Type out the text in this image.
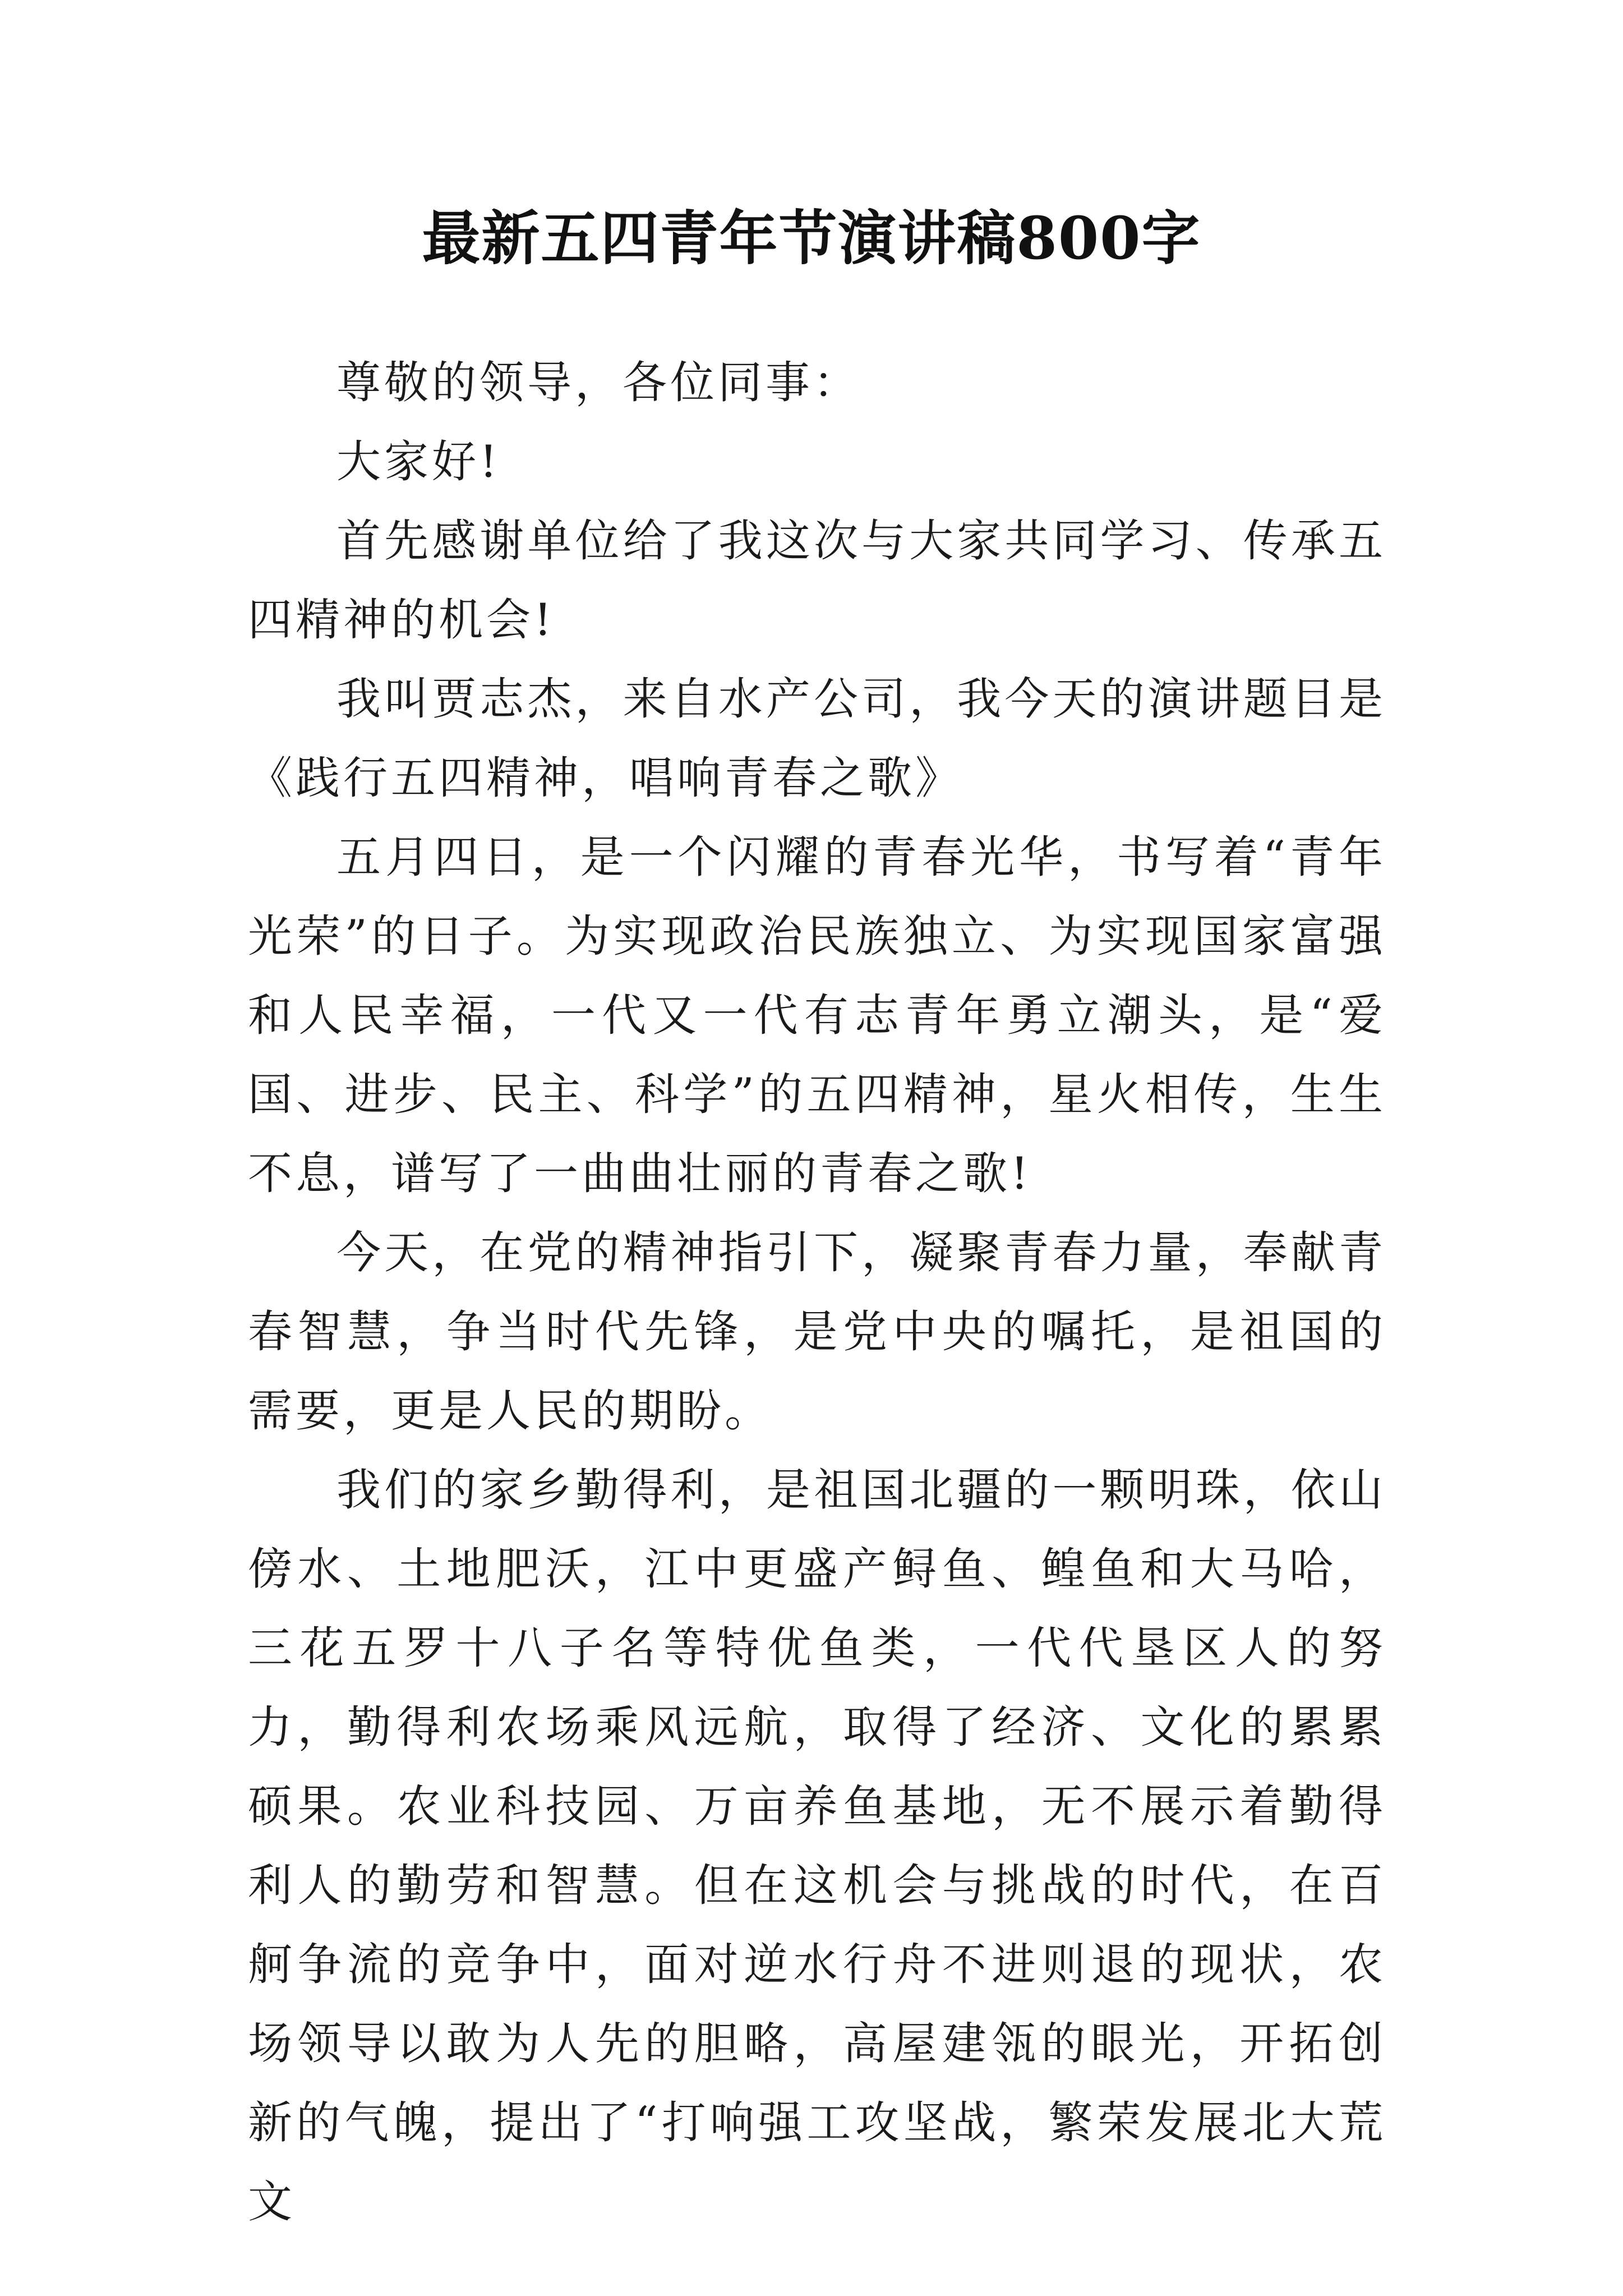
最新五四青年节演讲稿800字

尊敬的领导，各位同事：

大家好!

首先感谢单位给了我这次与大家共同学习、传承五四精神的机会!

我叫贾志杰，来自水产公司，我今天的演讲题目是《践行五四精神，唱响青春之歌》

五月四日，是一个闪耀的青春光华，书写着“青年光荣”的日子。为实现政治民族独立、为实现国家富强和人民幸福，一代又一代有志青年勇立潮头，是“爱国、进步、民主、科学”的五四精神，星火相传，生生不息，谱写了一曲曲壮丽的青春之歌!

今天，在党的精神指引下，凝聚青春力量，奉献青春智慧，争当时代先锋，是党中央的嘱托，是祖国的需要，更是人民的期盼。

我们的家乡勤得利，是祖国北疆的一颗明珠，依山傍水、土地肥沃，江中更盛产鲟鱼、鳇鱼和大马哈，三花五罗十八子名等特优鱼类，一代代垦区人的努力，勤得利农场乘风远航，取得了经济、文化的累累硕果。农业科技园、万亩养鱼基地，无不展示着勤得利人的勤劳和智慧。但在这机会与挑战的时代，在百舸争流的竞争中，面对逆水行舟不进则退的现状，农场领导以敢为人先的胆略，高屋建瓴的眼光，开拓创新的气魄，提出了“打响强工攻坚战，繁荣发展北大荒文
